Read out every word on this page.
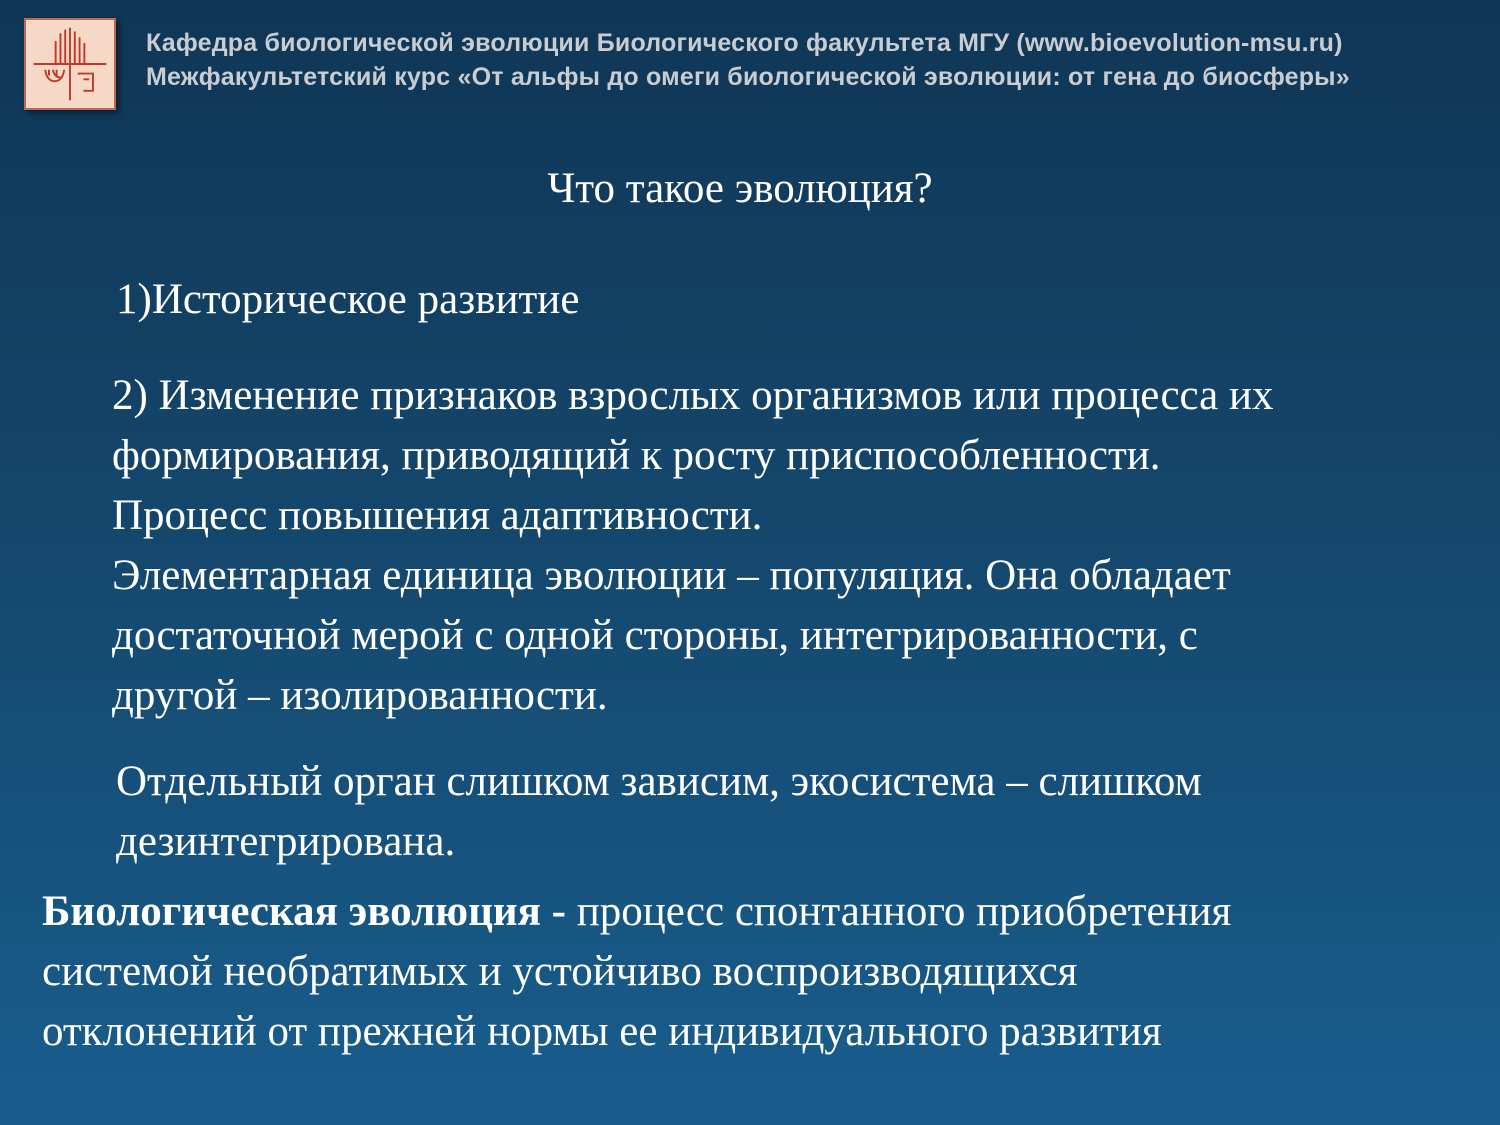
Кафедра биологической эволюции Биологического факультета МГУ (www.bioevolution-msu.ru)
Межфакультетский курс «От альфы до омеги биологической эволюции: от гена до биосферы»
Что такое эволюция?
1)Историческое развитие
2) Изменение признаков взрослых организмов или процесса их
формирования, приводящий к росту приспособленности.
Процесс повышения адаптивности.
Элементарная единица эволюции – популяция. Она обладает
достаточной мерой с одной стороны, интегрированности, с
другой – изолированности.
Отдельный орган слишком зависим, экосистема – слишком
дезинтегрирована.
Биологическая эволюция - процесс спонтанного приобретения
системой необратимых и устойчиво воспроизводящихся
отклонений от прежней нормы ее индивидуального развития
